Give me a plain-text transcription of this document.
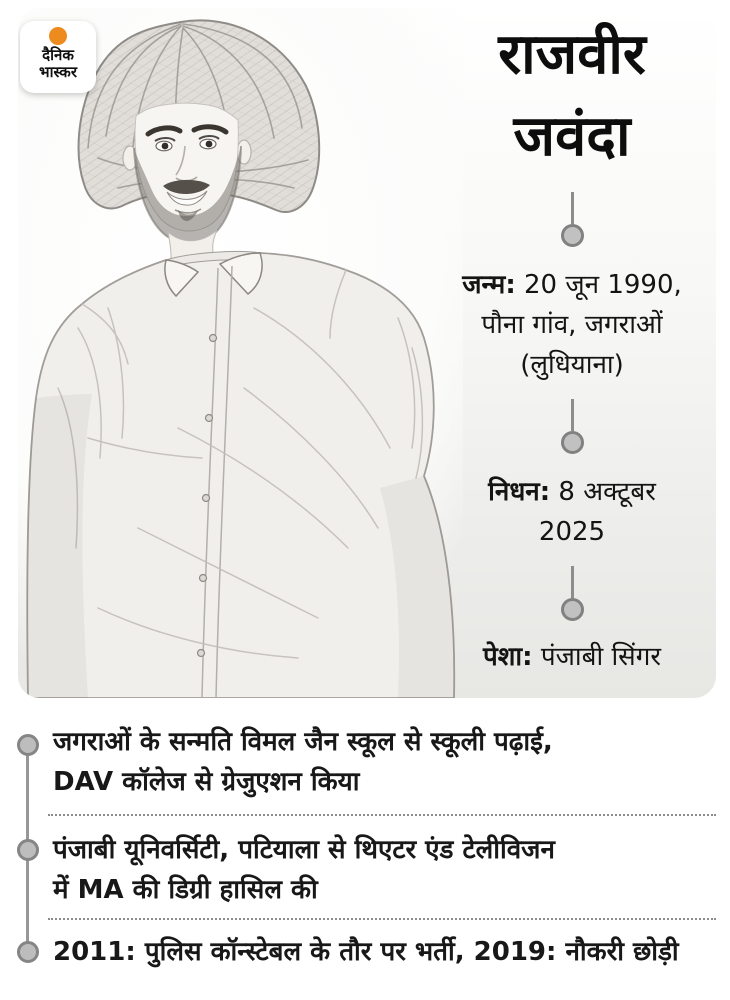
दैनिक
भास्कर	राजवीर
जवंदा
जन्म: 20 जून 1990,
पौना गांव, जगराओं
(लुधियाना)
निधन: 8 अक्टूबर
2025
पेशा: पंजाबी सिंगर
जगराओं के सन्मति विमल जैन स्कूल से स्कूली पढ़ाई,
DAV कॉलेज से ग्रेजुएशन किया
पंजाबी यूनिवर्सिटी, पटियाला से थिएटर एंड टेलीविजन
में MA की डिग्री हासिल की
2011: पुलिस कॉन्स्टेबल के तौर पर भर्ती, 2019: नौकरी छोड़ी
